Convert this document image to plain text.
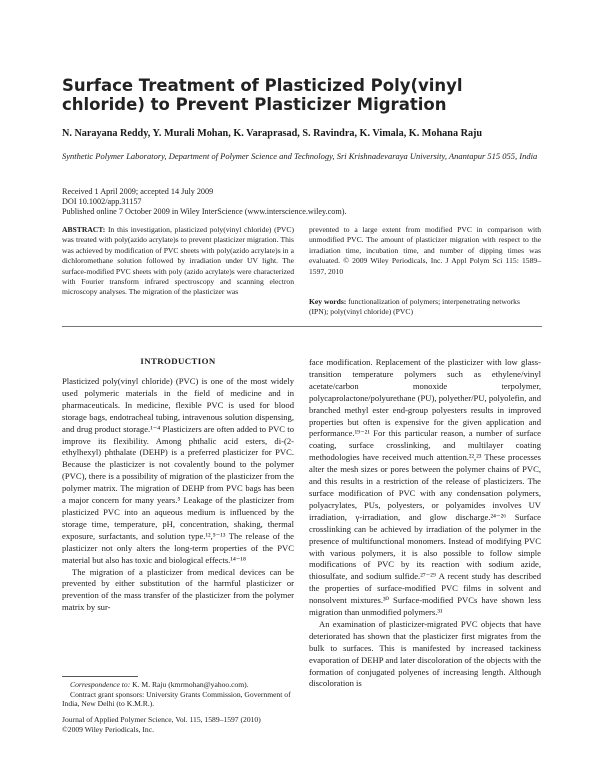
Surface Treatment of Plasticized Poly(vinyl chloride) to Prevent Plasticizer Migration

N. Narayana Reddy, Y. Murali Mohan, K. Varaprasad, S. Ravindra, K. Vimala, K. Mohana Raju

Synthetic Polymer Laboratory, Department of Polymer Science and Technology, Sri Krishnadevaraya University, Anantapur 515 055, India

Received 1 April 2009; accepted 14 July 2009
DOI 10.1002/app.31157
Published online 7 October 2009 in Wiley InterScience (www.interscience.wiley.com).

ABSTRACT: In this investigation, plasticized poly(vinyl chloride) (PVC) was treated with poly(azido acrylate)s to prevent plasticizer migration. This was achieved by modification of PVC sheets with poly(azido acrylate)s in a dichloromethane solution followed by irradiation under UV light. The surface-modified PVC sheets with poly (azido acrylate)s were characterized with Fourier transform infrared spectroscopy and scanning electron microscopy analyses. The migration of the plasticizer was

prevented to a large extent from modified PVC in comparison with unmodified PVC. The amount of plasticizer migration with respect to the irradiation time, incubation time, and number of dipping times was evaluated. © 2009 Wiley Periodicals, Inc. J Appl Polym Sci 115: 1589–1597, 2010

Key words: functionalization of polymers; interpenetrating networks (IPN); poly(vinyl chloride) (PVC)

INTRODUCTION

Plasticized poly(vinyl chloride) (PVC) is one of the most widely used polymeric materials in the field of medicine and in pharmaceuticals. In medicine, flexible PVC is used for blood storage bags, endotracheal tubing, intravenous solution dispensing, and drug product storage.¹⁻⁴ Plasticizers are often added to PVC to improve its flexibility. Among phthalic acid esters, di-(2-ethylhexyl) phthalate (DEHP) is a preferred plasticizer for PVC. Because the plasticizer is not covalently bound to the polymer (PVC), there is a possibility of migration of the plasticizer from the polymer matrix. The migration of DEHP from PVC bags has been a major concern for many years.⁵ Leakage of the plasticizer from plasticized PVC into an aqueous medium is influenced by the storage time, temperature, pH, concentration, shaking, thermal exposure, surfactants, and solution type.¹²,⁵⁻¹³ The release of the plasticizer not only alters the long-term properties of the PVC material but also has toxic and biological effects.¹⁴⁻¹⁸

The migration of a plasticizer from medical devices can be prevented by either substitution of the harmful plasticizer or prevention of the mass transfer of the plasticizer from the polymer matrix by sur-

face modification. Replacement of the plasticizer with low glass-transition temperature polymers such as ethylene/vinyl acetate/carbon monoxide terpolymer, polycaprolactone/polyurethane (PU), polyether/PU, polyolefin, and branched methyl ester end-group polyesters results in improved properties but often is expensive for the given application and performance.¹⁹⁻²¹ For this particular reason, a number of surface coating, surface crosslinking, and multilayer coating methodologies have received much attention.²²,²³ These processes alter the mesh sizes or pores between the polymer chains of PVC, and this results in a restriction of the release of plasticizers. The surface modification of PVC with any condensation polymers, polyacrylates, PUs, polyesters, or polyamides involves UV irradiation, γ-irradiation, and glow discharge.²⁴⁻²⁶ Surface crosslinking can be achieved by irradiation of the polymer in the presence of multifunctional monomers. Instead of modifying PVC with various polymers, it is also possible to follow simple modifications of PVC by its reaction with sodium azide, thiosulfate, and sodium sulfide.²⁷⁻²⁹ A recent study has described the properties of surface-modified PVC films in solvent and nonsolvent mixtures.³⁰ Surface-modified PVCs have shown less migration than unmodified polymers.³¹

An examination of plasticizer-migrated PVC objects that have deteriorated has shown that the plasticizer first migrates from the bulk to surfaces. This is manifested by increased tackiness evaporation of DEHP and later discoloration of the objects with the formation of conjugated polyenes of increasing length. Although discoloration is

Correspondence to: K. M. Raju (kmrmohan@yahoo.com).

Contract grant sponsors: University Grants Commission, Government of India, New Delhi (to K.M.R.).

Journal of Applied Polymer Science, Vol. 115, 1589–1597 (2010)
©2009 Wiley Periodicals, Inc.
